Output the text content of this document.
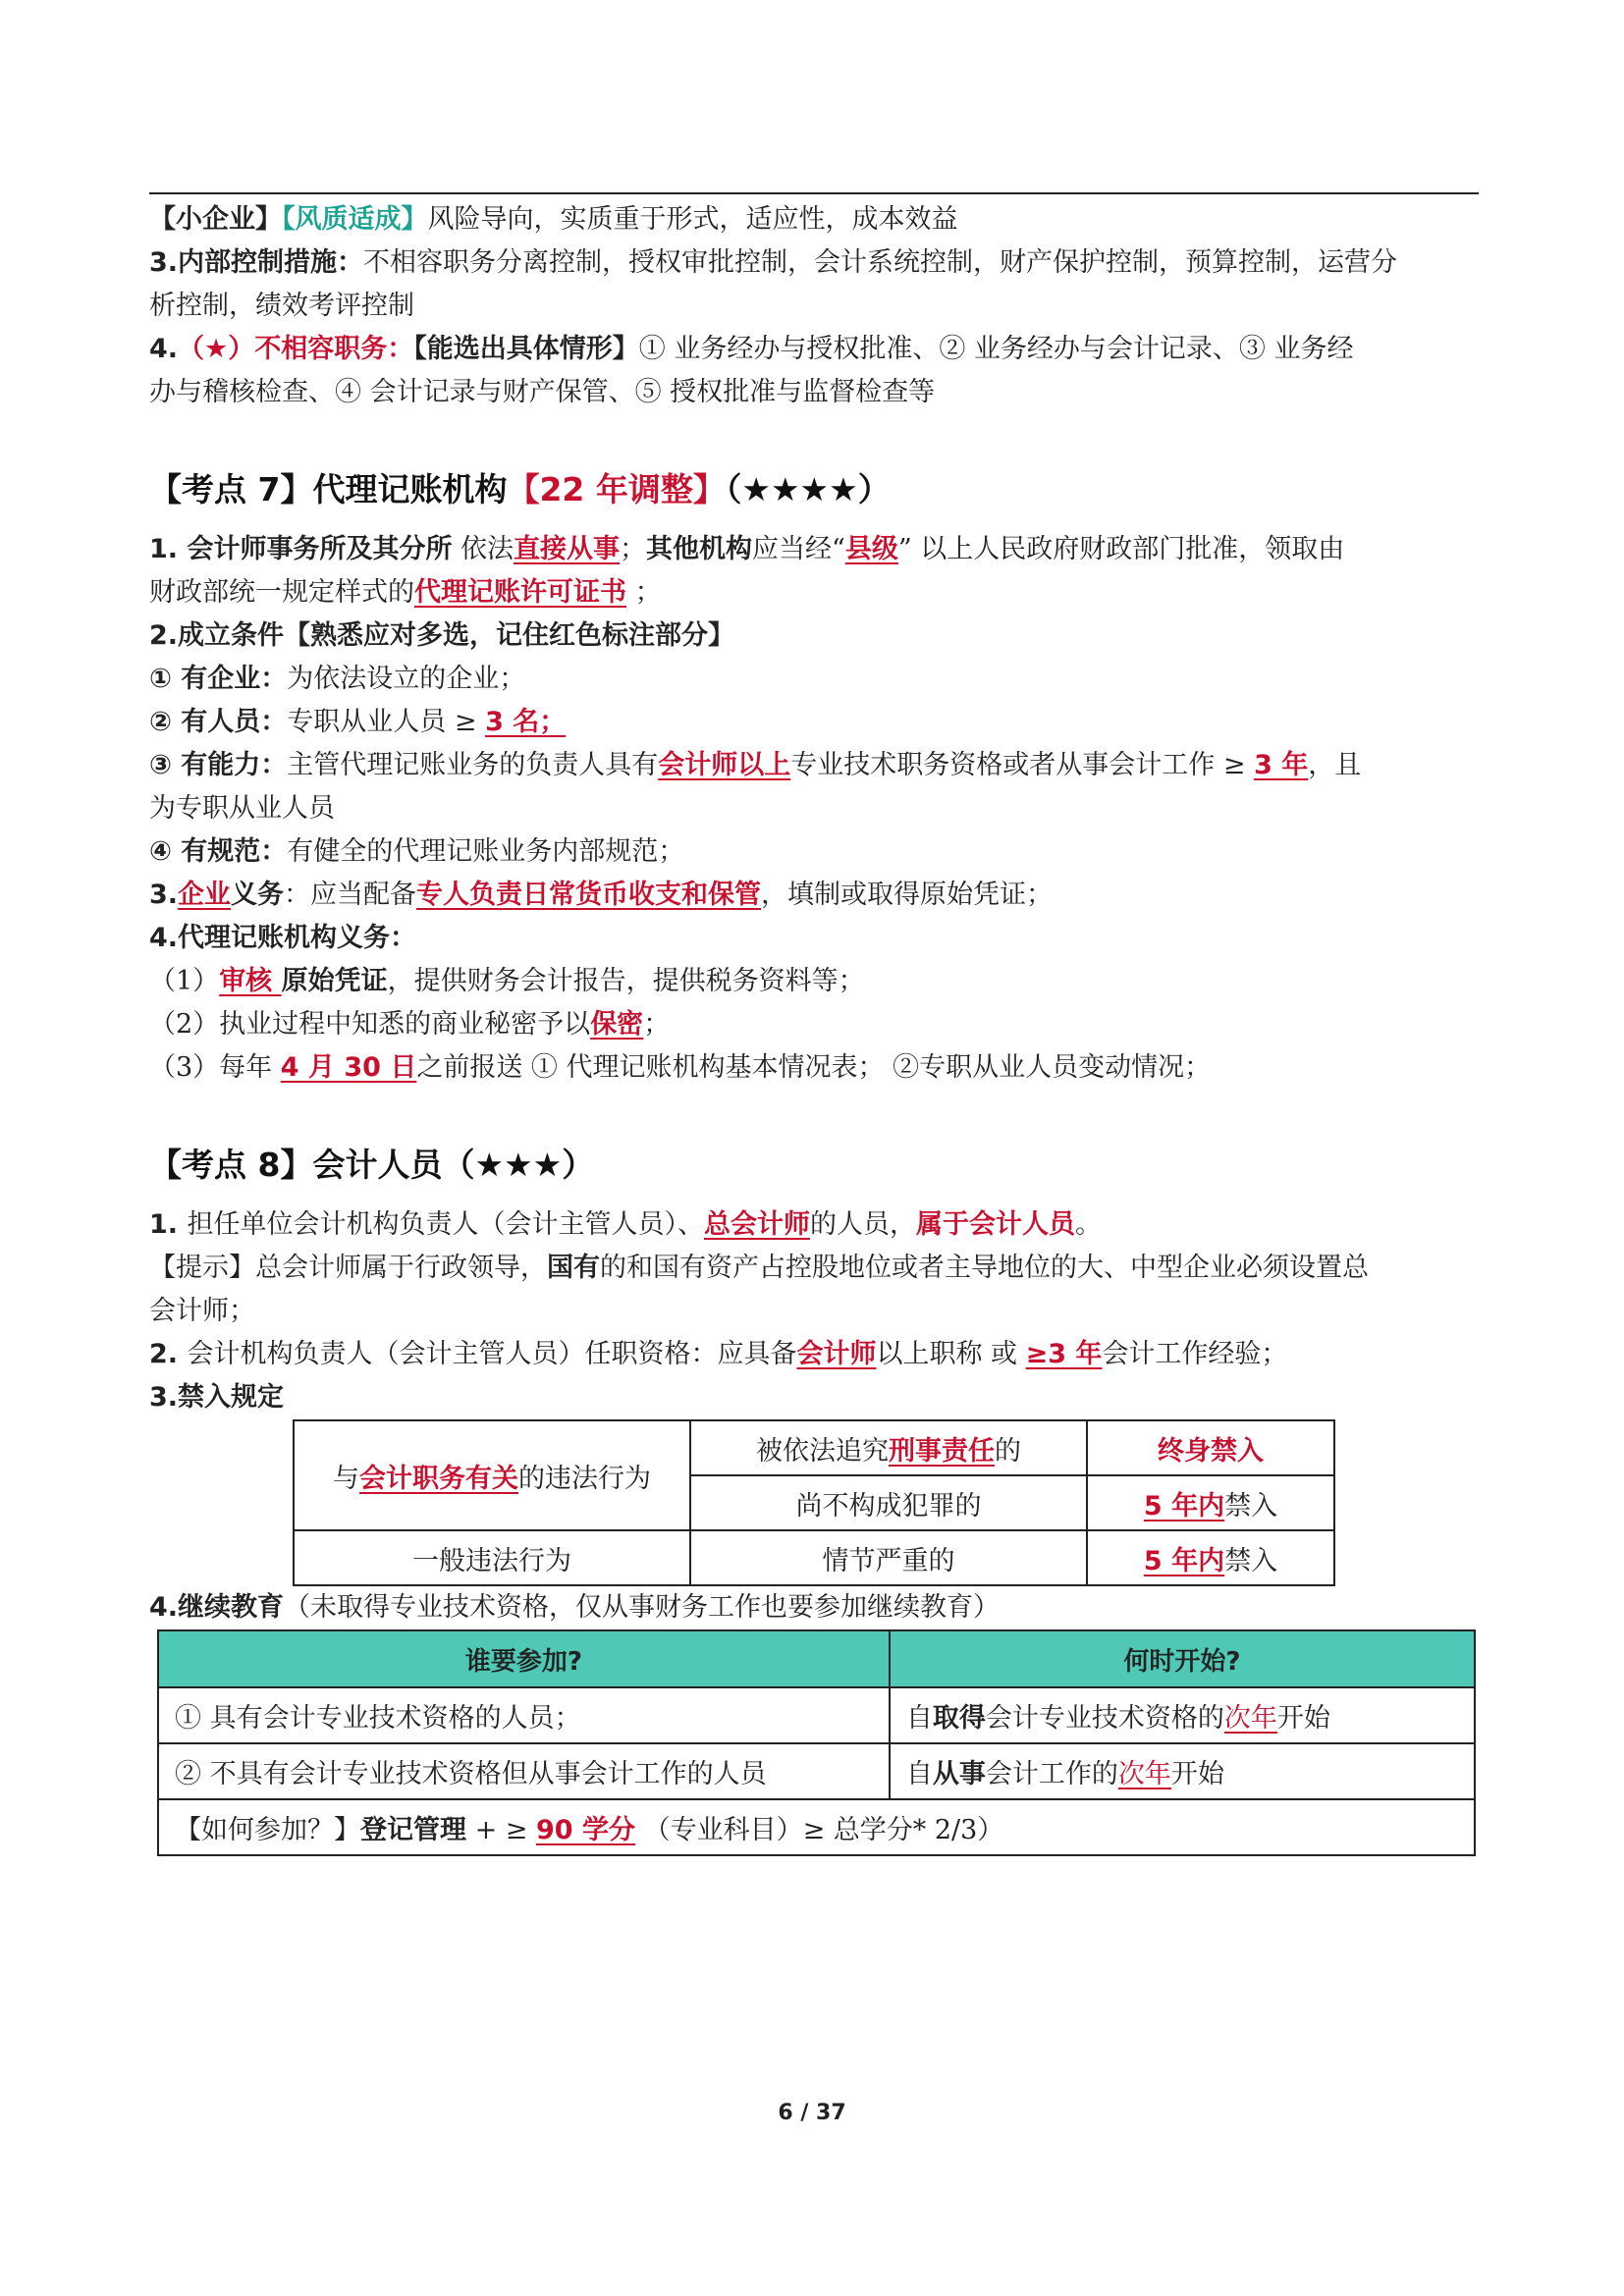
【小企业】【风质适成】风险导向，实质重于形式，适应性，成本效益

3.内部控制措施：不相容职务分离控制，授权审批控制，会计系统控制，财产保护控制，预算控制，运营分

析控制，绩效考评控制

4.（★）不相容职务：【能选出具体情形】① 业务经办与授权批准、② 业务经办与会计记录、③ 业务经

办与稽核检查、④ 会计记录与财产保管、⑤ 授权批准与监督检查等

【考点 7】代理记账机构【22 年调整】（★★★★）

1. 会计师事务所及其分所 依法直接从事；其他机构应当经“县级” 以上人民政府财政部门批准，领取由

财政部统一规定样式的代理记账许可证书 ；

2.成立条件【熟悉应对多选，记住红色标注部分】

① 有企业：为依法设立的企业；

② 有人员：专职从业人员 ≥ 3 名；

③ 有能力：主管代理记账业务的负责人具有会计师以上专业技术职务资格或者从事会计工作 ≥ 3 年，且

为专职从业人员

④ 有规范：有健全的代理记账业务内部规范；

3.企业义务：应当配备专人负责日常货币收支和保管，填制或取得原始凭证；

4.代理记账机构义务：

（1）审核 原始凭证，提供财务会计报告，提供税务资料等；

（2）执业过程中知悉的商业秘密予以保密；

（3）每年 4 月 30 日之前报送 ① 代理记账机构基本情况表； ②专职从业人员变动情况；

【考点 8】会计人员（★★★）

1. 担任单位会计机构负责人（会计主管人员）、总会计师的人员，属于会计人员。

【提示】总会计师属于行政领导，国有的和国有资产占控股地位或者主导地位的大、中型企业必须设置总

会计师；

2. 会计机构负责人（会计主管人员）任职资格：应具备会计师以上职称 或 ≥3 年会计工作经验；

3.禁入规定

与会计职务有关的违法行为	被依法追究刑事责任的	终身禁入
	尚不构成犯罪的	5 年内禁入
一般违法行为	情节严重的	5 年内禁入

4.继续教育（未取得专业技术资格，仅从事财务工作也要参加继续教育）

谁要参加?	何时开始?
① 具有会计专业技术资格的人员；	自取得会计专业技术资格的次年开始
② 不具有会计专业技术资格但从事会计工作的人员	自从事会计工作的次年开始
【如何参加？】登记管理 + ≥ 90 学分 （专业科目）≥ 总学分* 2/3）	
6 / 37
